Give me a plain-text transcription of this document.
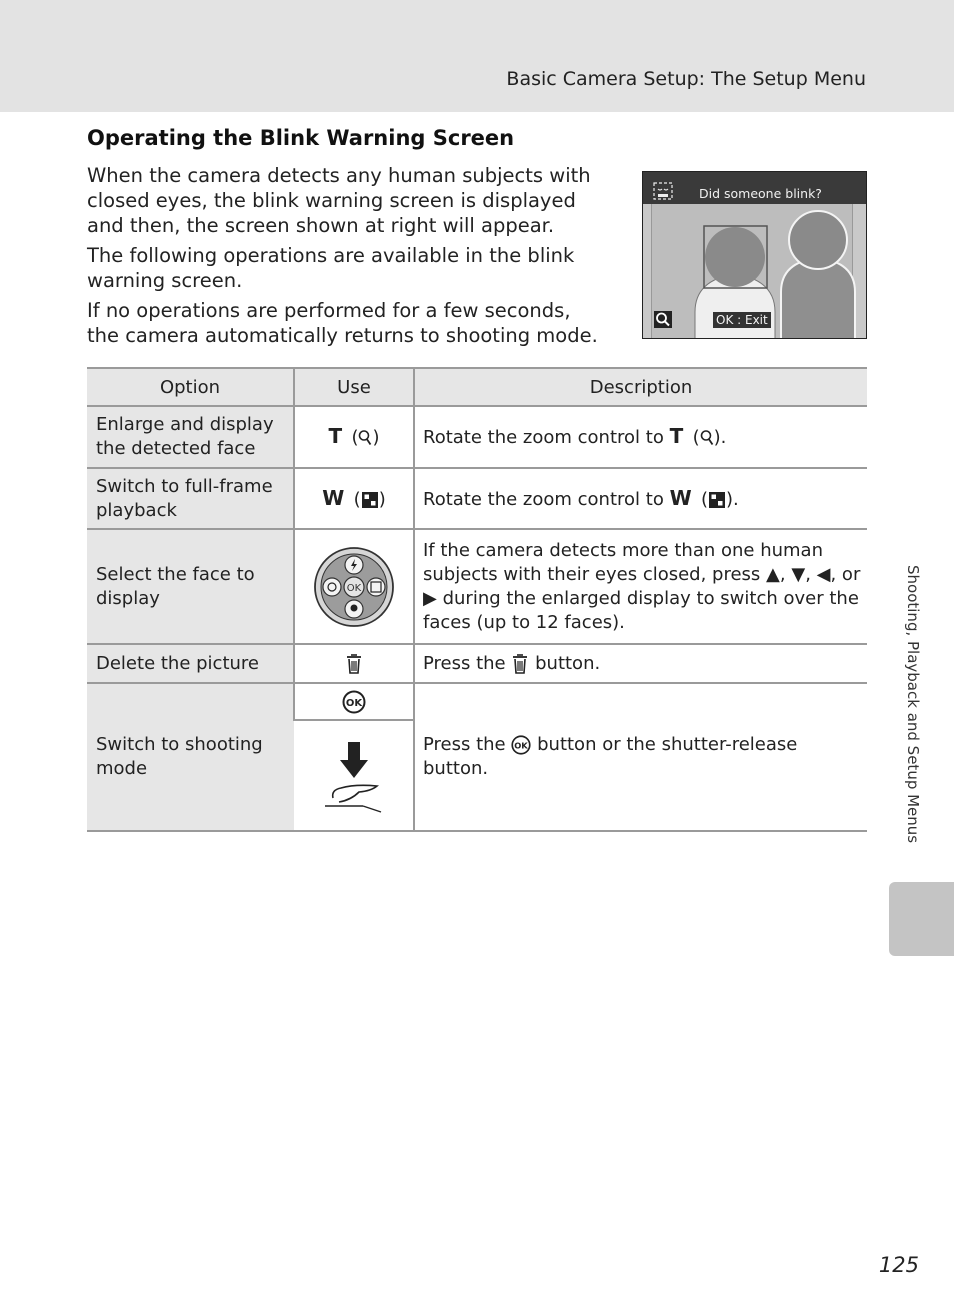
Basic Camera Setup: The Setup Menu
Operating the Blink Warning Screen

When the camera detects any human subjects with closed eyes, the blink warning screen is displayed and then, the screen shown at right will appear.

The following operations are available in the blink warning screen.

If no operations are performed for a few seconds, the camera automatically returns to shooting mode.

Did someone blink?
OK : Exit
Option	Use	Description
Enlarge and display the detected face	T  ( )	Rotate the zoom control to T  ( ).
Switch to full-frame playback	W  ( )	Rotate the zoom control to W  ( ).
Select the face to display	OK	If the camera detects more than one human subjects with their eyes closed, press ▲, ▼, ◀, or ▶ during the enlarged display to switch over the faces (up to 12 faces).
Delete the picture		Press the button.
Switch to shooting mode	OK	Press the OK button or the shutter-release button.	Shooting, Playback and Setup Menus
125
